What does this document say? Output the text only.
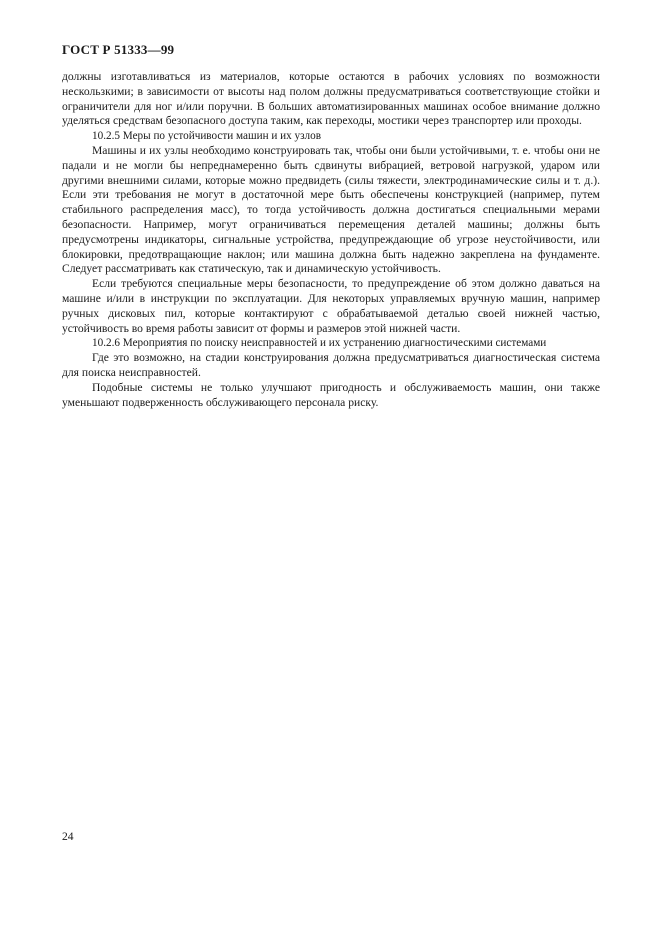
ГОСТ Р 51333—99

должны изготавливаться из материалов, которые остаются в рабочих условиях по возможности нескользкими; в зависимости от высоты над полом должны предусматриваться соответствующие стойки и ограничители для ног и/или поручни. В больших автоматизированных машинах особое внимание должно уделяться средствам безопасного доступа таким, как переходы, мостики через транспортер или проходы.

10.2.5 Меры по устойчивости машин и их узлов

Машины и их узлы необходимо конструировать так, чтобы они были устойчивыми, т. е. чтобы они не падали и не могли бы непреднамеренно быть сдвинуты вибрацией, ветровой нагрузкой, ударом или другими внешними силами, которые можно предвидеть (силы тяжести, электродинамические силы и т. д.). Если эти требования не могут в достаточной мере быть обеспечены конструкцией (например, путем стабильного распределения масс), то тогда устойчивость должна достигаться специальными мерами безопасности. Например, могут ограничиваться перемещения деталей машины; должны быть предусмотрены индикаторы, сигнальные устройства, предупреждающие об угрозе неустойчивости, или блокировки, предотвращающие наклон; или машина должна быть надежно закреплена на фундаменте. Следует рассматривать как статическую, так и динамическую устойчивость.

Если требуются специальные меры безопасности, то предупреждение об этом должно даваться на машине и/или в инструкции по эксплуатации. Для некоторых управляемых вручную машин, например ручных дисковых пил, которые контактируют с обрабатываемой деталью своей нижней частью, устойчивость во время работы зависит от формы и размеров этой нижней части.

10.2.6 Мероприятия по поиску неисправностей и их устранению диагностическими системами

Где это возможно, на стадии конструирования должна предусматриваться диагностическая система для поиска неисправностей.

Подобные системы не только улучшают пригодность и обслуживаемость машин, они также уменьшают подверженность обслуживающего персонала риску.

24
